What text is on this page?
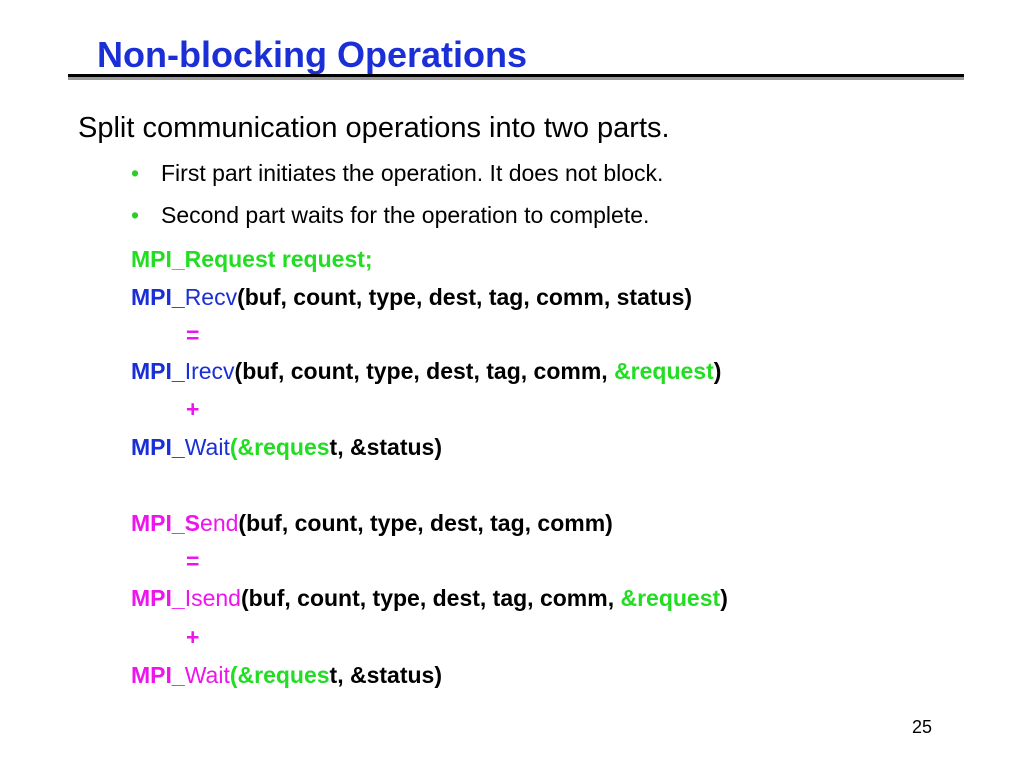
Non-blocking Operations
Split communication operations into two parts.
• First part initiates the operation. It does not block.
• Second part waits for the operation to complete.
MPI_Request request;
MPI_Recv(buf, count, type, dest, tag, comm, status)
=
MPI_Irecv(buf, count, type, dest, tag, comm, &request)
+
MPI_Wait(&request, &status)
MPI_Send(buf, count, type, dest, tag, comm)
=
MPI_Isend(buf, count, type, dest, tag, comm, &request)
+
MPI_Wait(&request, &status)
25
